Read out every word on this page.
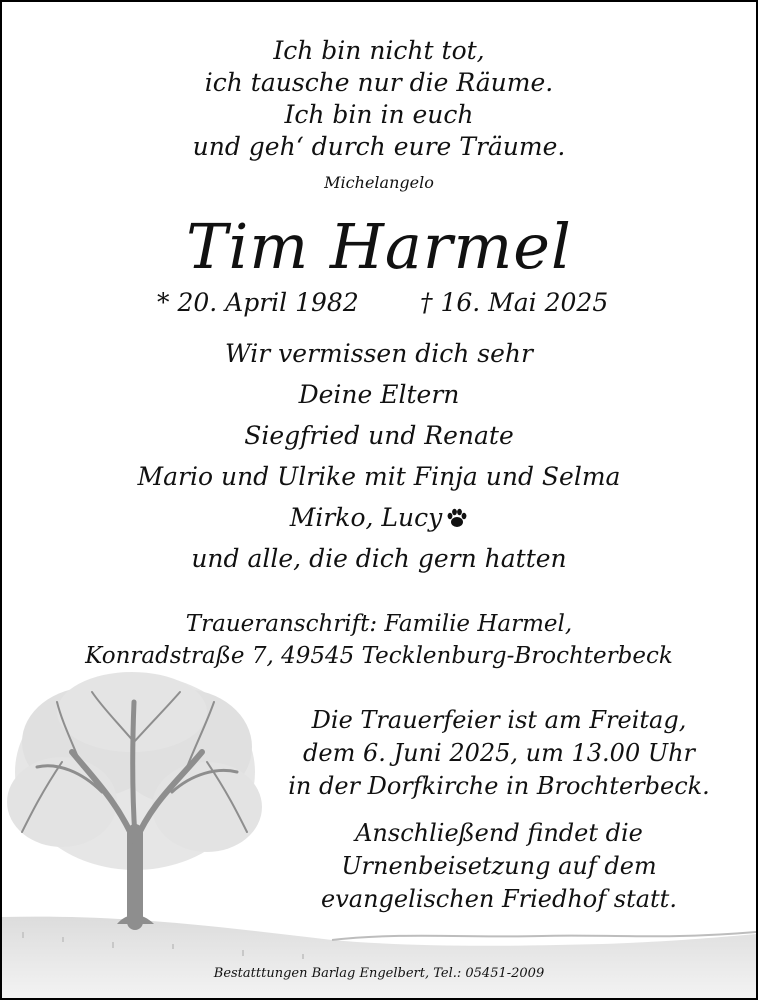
Ich bin nicht tot,
ich tausche nur die Räume.
Ich bin in euch
und geh‘ durch eure Träume.
Michelangelo
Tim Harmel
* 20. April 1982 † 16. Mai 2025
Wir vermissen dich sehr
Deine Eltern
Siegfried und Renate
Mario und Ulrike mit Finja und Selma
Mirko, Lucy
und alle, die dich gern hatten
Traueranschrift: Familie Harmel,
Konradstraße 7, 49545 Tecklenburg-Brochterbeck
Die Trauerfeier ist am Freitag,
dem 6. Juni 2025, um 13.00 Uhr
in der Dorfkirche in Brochterbeck.
Anschließend findet die
Urnenbeisetzung auf dem
evangelischen Friedhof statt.
Bestatttungen Barlag Engelbert, Tel.: 05451-2009
